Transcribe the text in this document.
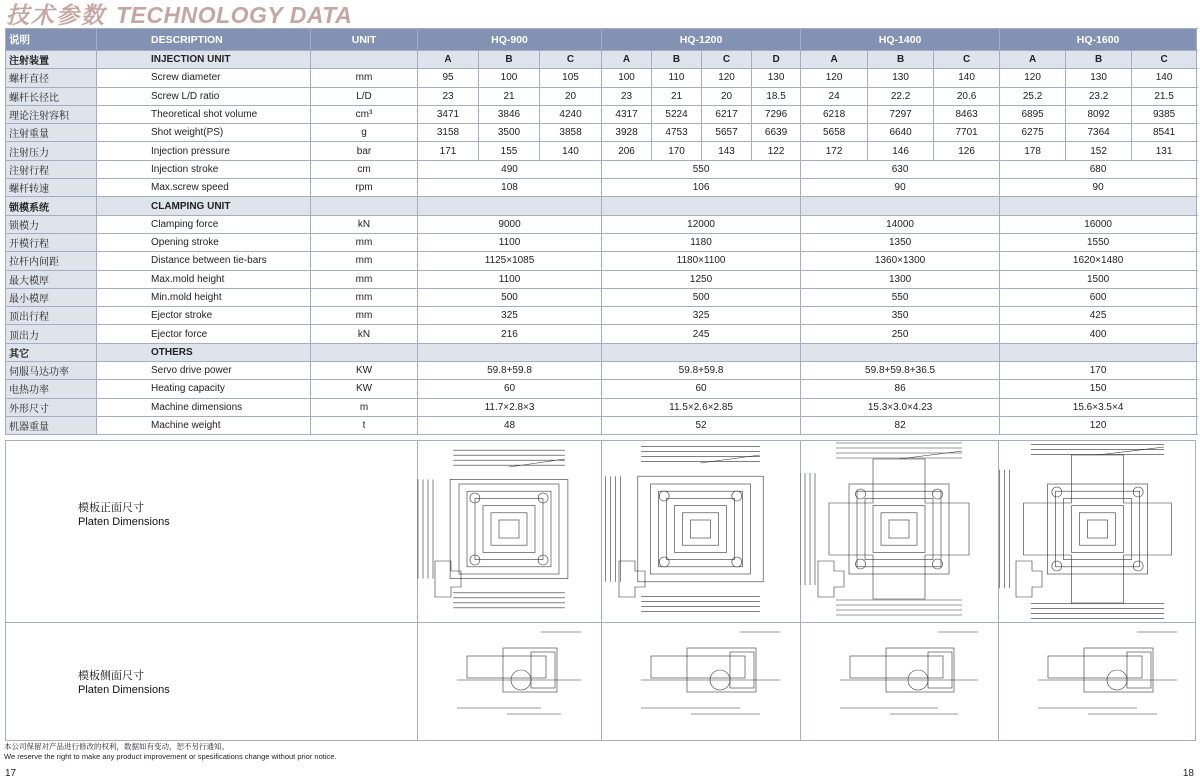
技术参数 TECHNOLOGY DATA
说明	DESCRIPTION	UNIT	HQ-900			HQ-1200				HQ-1400			HQ-1600		
注射装置	INJECTION UNIT		A	B	C	A	B	C	D	A	B	C	A	B	C
螺杆直径	Screw diameter	mm	95	100	105	100	110	120	130	120	130	140	120	130	140
螺杆长径比	Screw L/D ratio	L/D	23	21	20	23	21	20	18.5	24	22.2	20.6	25.2	23.2	21.5
理论注射容积	Theoretical shot volume	cm³	3471	3846	4240	4317	5224	6217	7296	6218	7297	8463	6895	8092	9385
注射重量	Shot weight(PS)	g	3158	3500	3858	3928	4753	5657	6639	5658	6640	7701	6275	7364	8541
注射压力	Injection pressure	bar	171	155	140	206	170	143	122	172	146	126	178	152	131
注射行程	Injection stroke	cm	490			550				630			680		
螺杆转速	Max.screw speed	rpm	108			106				90			90		
锁模系统	CLAMPING UNIT														
锁模力	Clamping force	kN	9000			12000				14000			16000		
开模行程	Opening stroke	mm	1100			1180				1350			1550		
拉杆内间距	Distance between tie-bars	mm	1125×1085			1180×1100				1360×1300			1620×1480		
最大模厚	Max.mold height	mm	1100			1250				1300			1500		
最小模厚	Min.mold height	mm	500			500				550			600		
顶出行程	Ejector stroke	mm	325			325				350			425		
顶出力	Ejector force	kN	216			245				250			400		
其它	OTHERS														
伺服马达功率	Servo drive power	KW	59.8+59.8			59.8+59.8				59.8+59.8+36.5			170		
电热功率	Heating capacity	KW	60			60				86			150		
外形尺寸	Machine dimensions	m	11.7×2.8×3			11.5×2.6×2.85				15.3×3.0×4.23			15.6×3.5×4		
机器重量	Machine weight	t	48			52				82			120		
模板正面尺寸
Platen Dimensions
模板侧面尺寸
Platen Dimensions
本公司保留对产品进行修改的权利，数据如有变动，恕不另行通知。
We reserve the right to make any product improvement or spesifications change without prior notice.
17	18
